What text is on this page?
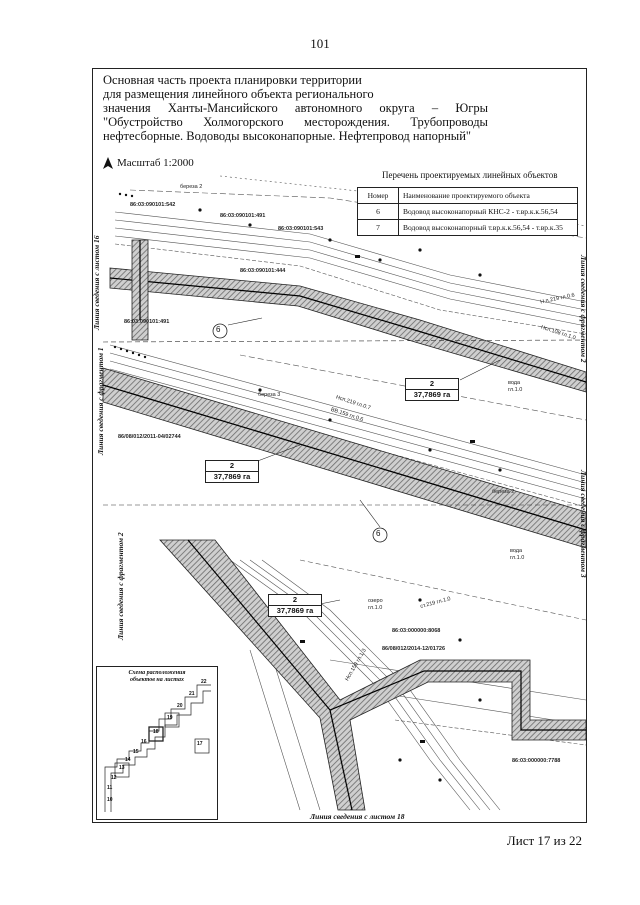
101
Основная часть проекта планировки территории
для размещения линейного объекта регионального
значения Ханты-Мансийского автономного округа – Югры
"Обустройство Холмогорского месторождения. Трубопроводы
нефтесборные. Водоводы высоконапорные. Нефтепровод напорный"
Масштаб 1:2000
Перечень проектируемых линейных объектов
Номер	Наименование проектируемого объекта
6	Водовод высоконапорный КНС-2 - т.вр.к.к.56,54
7	Водовод высоконапорный т.вр.к.к.56,54 - т.вр.к.35
Линия сведения с листом 16
Линия сведения с фрагментом 1
Линия сведения с фрагментом 2
Линия сведения с фрагментом 2
Линия сведения с фрагментом 3
Линия сведения с листом 18
2
37,7869 га
2
37,7869 га
2
37,7869 га
6
6
береза 2
береза 3
береза 2
вода
гл.1.0
вода
гл.1.0
озеро
гл.1.0
86:03:090101:542
86:03:090101:491
86:03:090101:543
86:03:090101:444
86:03:090101:491
86/08/012/2011-04/02744
86:03:000000:8068
86/08/012/2014-12/01726
86:03:000000:7788
Н.п.219 гл.0.6
Нсп.108 гл.1.0
Нсп.219 гл.0.7
ВВ.159 гл.0.6
ст.219 гл.1.0
Нсп.159 гл.1.3
Схема расположения
объектов на листах	22
21
20
19
18
17
16
15
14
13
12
11
10
Лист 17 из 22
